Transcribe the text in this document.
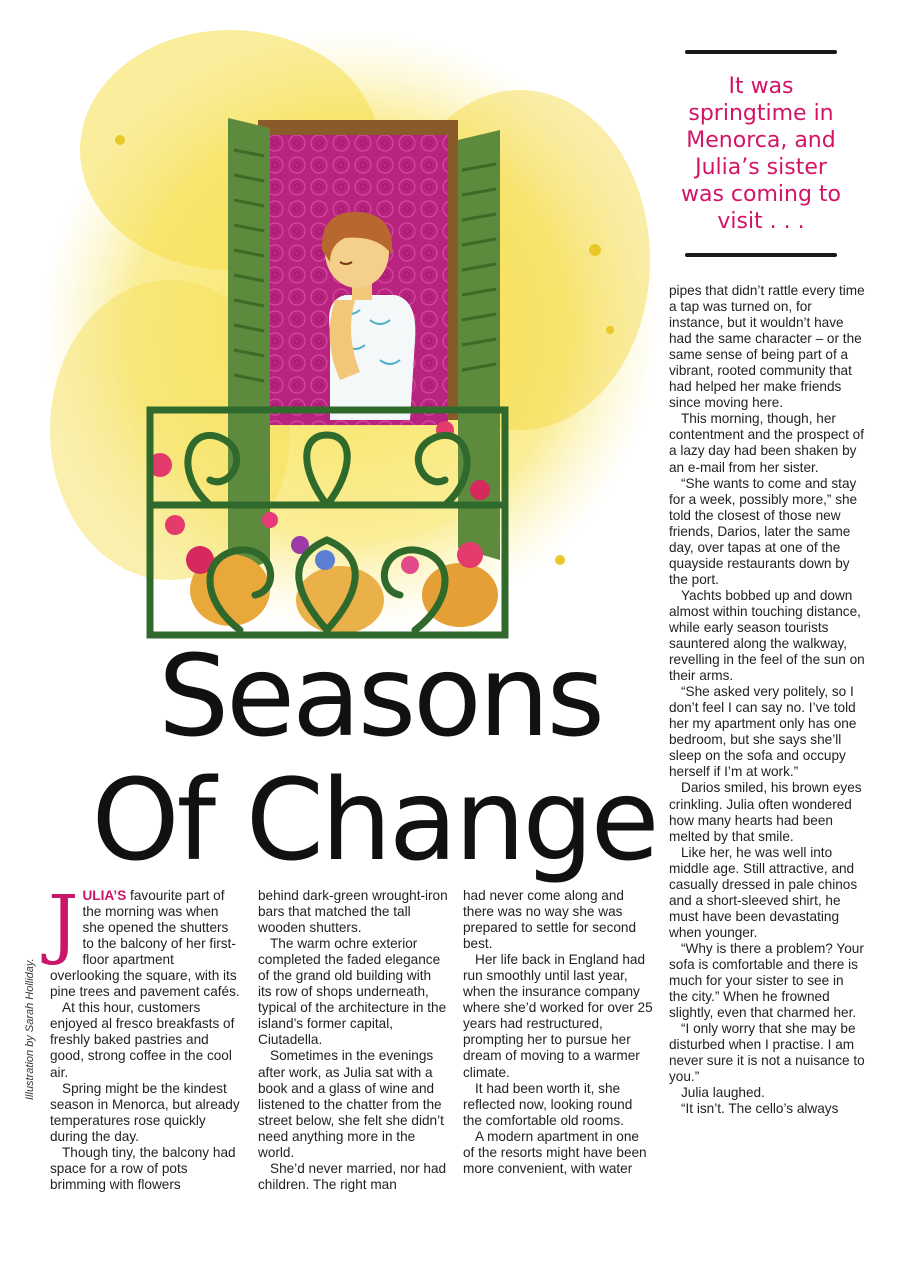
It was springtime in Menorca, and Julia’s sister was coming to visit . . .
Seasons
Of Change

JULIA’S favourite part of the morning was when she opened the shutters to the balcony of her first-floor apartment overlooking the square, with its pine trees and pavement cafés.

At this hour, customers enjoyed al fresco breakfasts of freshly baked pastries and good, strong coffee in the cool air.

Spring might be the kindest season in Menorca, but already temperatures rose quickly during the day.

Though tiny, the balcony had space for a row of pots brimming with flowers

behind dark-green wrought-iron bars that matched the tall wooden shutters.

The warm ochre exterior completed the faded elegance of the grand old building with its row of shops underneath, typical of the architecture in the island’s former capital, Ciutadella.

Sometimes in the evenings after work, as Julia sat with a book and a glass of wine and listened to the chatter from the street below, she felt she didn’t need anything more in the world.

She’d never married, nor had children. The right man

had never come along and there was no way she was prepared to settle for second best.

Her life back in England had run smoothly until last year, when the insurance company where she’d worked for over 25 years had restructured, prompting her to pursue her dream of moving to a warmer climate.

It had been worth it, she reflected now, looking round the comfortable old rooms.

A modern apartment in one of the resorts might have been more convenient, with water

pipes that didn’t rattle every time a tap was turned on, for instance, but it wouldn’t have had the same character – or the same sense of being part of a vibrant, rooted community that had helped her make friends since moving here.

This morning, though, her contentment and the prospect of a lazy day had been shaken by an e-mail from her sister.

“She wants to come and stay for a week, possibly more,” she told the closest of those new friends, Darios, later the same day, over tapas at one of the quayside restaurants down by the port.

Yachts bobbed up and down almost within touching distance, while early season tourists sauntered along the walkway, revelling in the feel of the sun on their arms.

“She asked very politely, so I don’t feel I can say no. I’ve told her my apartment only has one bedroom, but she says she’ll sleep on the sofa and occupy herself if I’m at work.”

Darios smiled, his brown eyes crinkling. Julia often wondered how many hearts had been melted by that smile.

Like her, he was well into middle age. Still attractive, and casually dressed in pale chinos and a short-sleeved shirt, he must have been devastating when younger.

“Why is there a problem? Your sofa is comfortable and there is much for your sister to see in the city.” When he frowned slightly, even that charmed her.

“I only worry that she may be disturbed when I practise. I am never sure it is not a nuisance to you.”

Julia laughed.

“It isn’t. The cello’s always

Illustration by Sarah Holliday.
